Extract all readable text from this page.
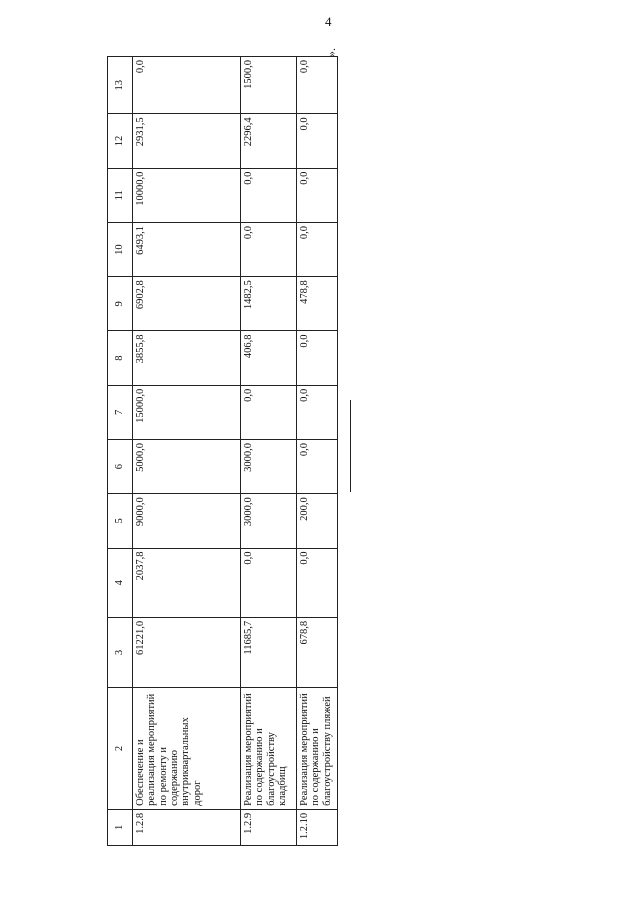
4
».
1	2	3	4	5	6	7	8	9	10	11	12	13
1.2.8	Обеспечение и реализация мероприятий по ремонту и содержанию внутриквартальных дорог	61221,0	2037,8	9000,0	5000,0	15000,0	3855,8	6902,8	6493,1	10000,0	2931,5	0,0
1.2.9	Реализация мероприятий по содержанию и благоустройству кладбищ	11685,7	0,0	3000,0	3000,0	0,0	406,8	1482,5	0,0	0,0	2296,4	1500,0
1.2.10	Реализация мероприятий по содержанию и благоустройству пляжей	678,8	0,0	200,0	0,0	0,0	0,0	478,8	0,0	0,0	0,0	0,0
